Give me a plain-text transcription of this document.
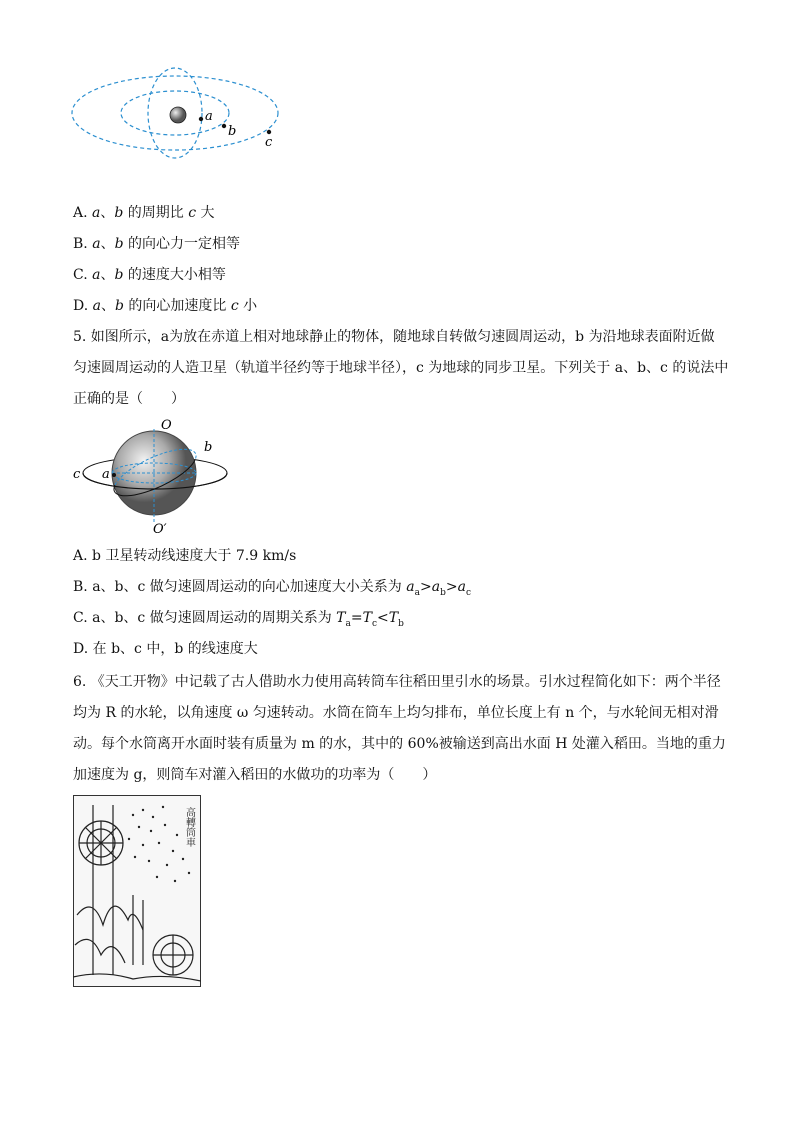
a
b
c
A. a、b 的周期比 c 大
B. a、b 的向心力一定相等
C. a、b 的速度大小相等
D. a、b 的向心加速度比 c 小
5. 如图所示，a为放在赤道上相对地球静止的物体，随地球自转做匀速圆周运动，b 为沿地球表面附近做
匀速圆周运动的人造卫星（轨道半径约等于地球半径），c 为地球的同步卫星。下列关于 a、b、c 的说法中
正确的是（　　）
O
O′
a
b
c
A. b 卫星转动线速度大于 7.9 km/s
B. a、b、c 做匀速圆周运动的向心加速度大小关系为 $a_a>a_b>a_c$
C. a、b、c 做匀速圆周运动的周期关系为 $T_a=T_c<T_b$
D. 在 b、c 中，b 的线速度大
6. 《天工开物》中记载了古人借助水力使用高转筒车往稻田里引水的场景。引水过程简化如下：两个半径
均为 R 的水轮，以角速度 ω 匀速转动。水筒在筒车上均匀排布，单位长度上有 n 个，与水轮间无相对滑
动。每个水筒离开水面时装有质量为 m 的水，其中的 60%被输送到高出水面 H 处灌入稻田。当地的重力
加速度为 g，则筒车对灌入稻田的水做功的功率为（　　）
高轉筒車
